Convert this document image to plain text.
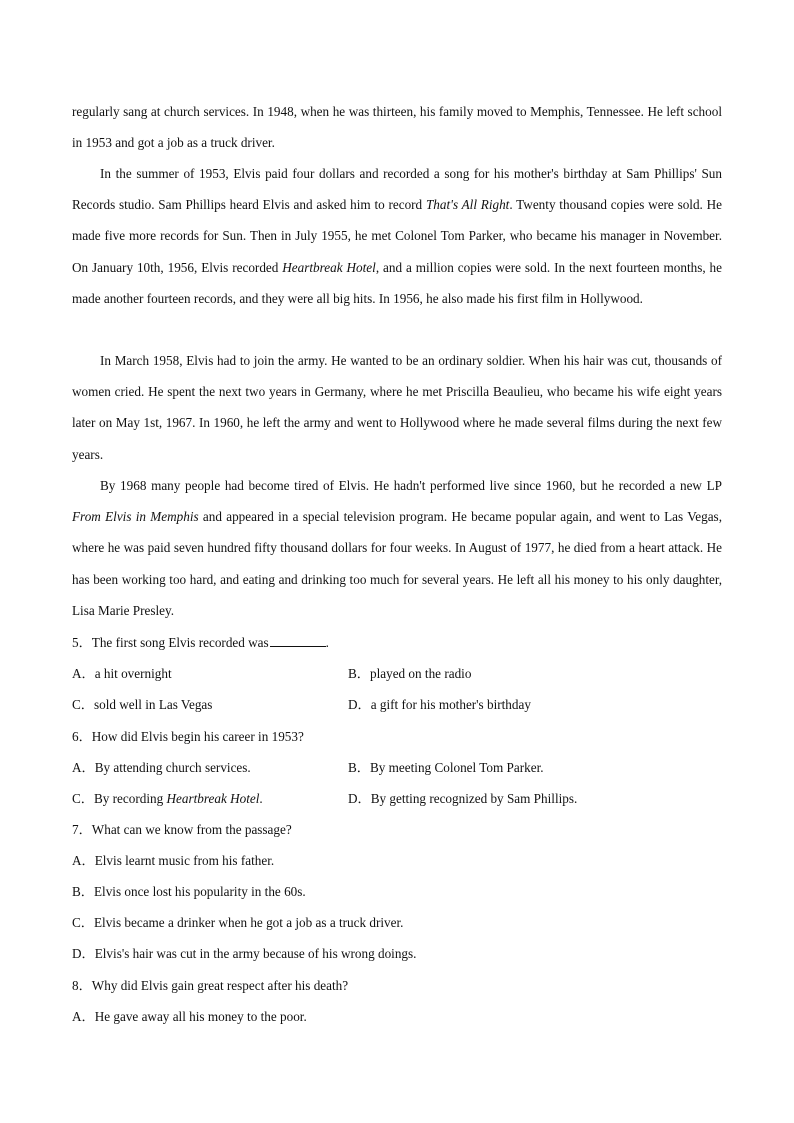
regularly sang at church services. In 1948, when he was thirteen, his family moved to Memphis, Tennessee. He left school in 1953 and got a job as a truck driver.

In the summer of 1953, Elvis paid four dollars and recorded a song for his mother's birthday at Sam Phillips' Sun Records studio. Sam Phillips heard Elvis and asked him to record That's All Right. Twenty thousand copies were sold. He made five more records for Sun. Then in July 1955, he met Colonel Tom Parker, who became his manager in November. On January 10th, 1956, Elvis recorded Heartbreak Hotel, and a million copies were sold. In the next fourteen months, he made another fourteen records, and they were all big hits. In 1956, he also made his first film in Hollywood.

In March 1958, Elvis had to join the army. He wanted to be an ordinary soldier. When his hair was cut, thousands of women cried. He spent the next two years in Germany, where he met Priscilla Beaulieu, who became his wife eight years later on May 1st, 1967. In 1960, he left the army and went to Hollywood where he made several films during the next few years.

By 1968 many people had become tired of Elvis. He hadn't performed live since 1960, but he recorded a new LP From Elvis in Memphis and appeared in a special television program. He became popular again, and went to Las Vegas, where he was paid seven hundred fifty thousand dollars for four weeks. In August of 1977, he died from a heart attack. He has been working too hard, and eating and drinking too much for several years. He left all his money to his only daughter, Lisa Marie Presley.

5．The first song Elvis recorded was	.
A．a hit overnight	B．played on the radio
C．sold well in Las Vegas	D．a gift for his mother's birthday
6．How did Elvis begin his career in 1953?
A．By attending church services.	B．By meeting Colonel Tom Parker.
C．By recording Heartbreak Hotel.	D．By getting recognized by Sam Phillips.
7．What can we know from the passage?
A．Elvis learnt music from his father.
B．Elvis once lost his popularity in the 60s.
C．Elvis became a drinker when he got a job as a truck driver.
D．Elvis's hair was cut in the army because of his wrong doings.
8．Why did Elvis gain great respect after his death?
A．He gave away all his money to the poor.
